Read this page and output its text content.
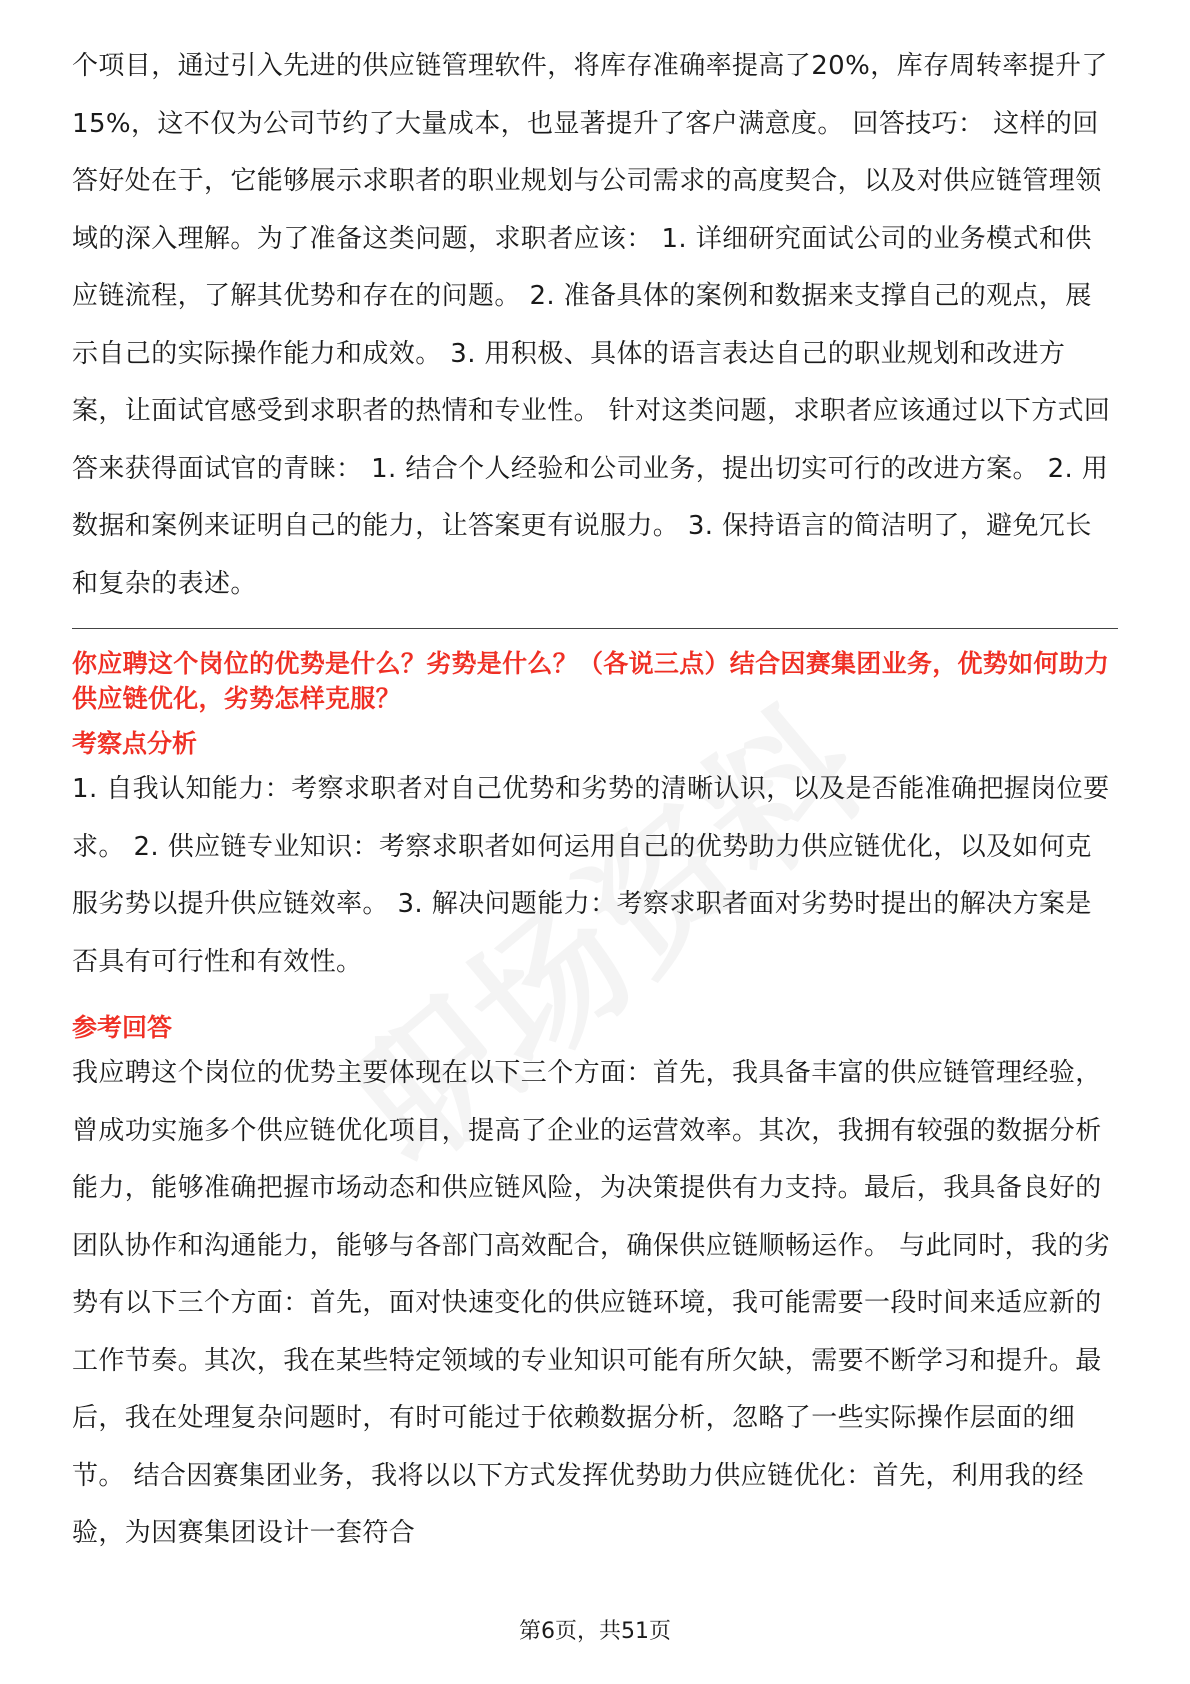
个项目，通过引入先进的供应链管理软件，将库存准确率提高了20%，库存周转率提升了15%，这不仅为公司节约了大量成本，也显著提升了客户满意度。 回答技巧： 这样的回答好处在于，它能够展示求职者的职业规划与公司需求的高度契合，以及对供应链管理领域的深入理解。为了准备这类问题，求职者应该： 1. 详细研究面试公司的业务模式和供应链流程，了解其优势和存在的问题。 2. 准备具体的案例和数据来支撑自己的观点，展示自己的实际操作能力和成效。 3. 用积极、具体的语言表达自己的职业规划和改进方案，让面试官感受到求职者的热情和专业性。 针对这类问题，求职者应该通过以下方式回答来获得面试官的青睐： 1. 结合个人经验和公司业务，提出切实可行的改进方案。 2. 用数据和案例来证明自己的能力，让答案更有说服力。 3. 保持语言的简洁明了，避免冗长和复杂的表述。

你应聘这个岗位的优势是什么？劣势是什么？（各说三点）结合因赛集团业务，优势如何助力供应链优化，劣势怎样克服？

考察点分析

1. 自我认知能力：考察求职者对自己优势和劣势的清晰认识，以及是否能准确把握岗位要求。 2. 供应链专业知识：考察求职者如何运用自己的优势助力供应链优化，以及如何克服劣势以提升供应链效率。 3. 解决问题能力：考察求职者面对劣势时提出的解决方案是否具有可行性和有效性。

参考回答

我应聘这个岗位的优势主要体现在以下三个方面：首先，我具备丰富的供应链管理经验，曾成功实施多个供应链优化项目，提高了企业的运营效率。其次，我拥有较强的数据分析能力，能够准确把握市场动态和供应链风险，为决策提供有力支持。最后，我具备良好的团队协作和沟通能力，能够与各部门高效配合，确保供应链顺畅运作。 与此同时，我的劣势有以下三个方面：首先，面对快速变化的供应链环境，我可能需要一段时间来适应新的工作节奏。其次，我在某些特定领域的专业知识可能有所欠缺，需要不断学习和提升。最后，我在处理复杂问题时，有时可能过于依赖数据分析，忽略了一些实际操作层面的细节。 结合因赛集团业务，我将以以下方式发挥优势助力供应链优化：首先，利用我的经验，为因赛集团设计一套符合

第6页，共51页
